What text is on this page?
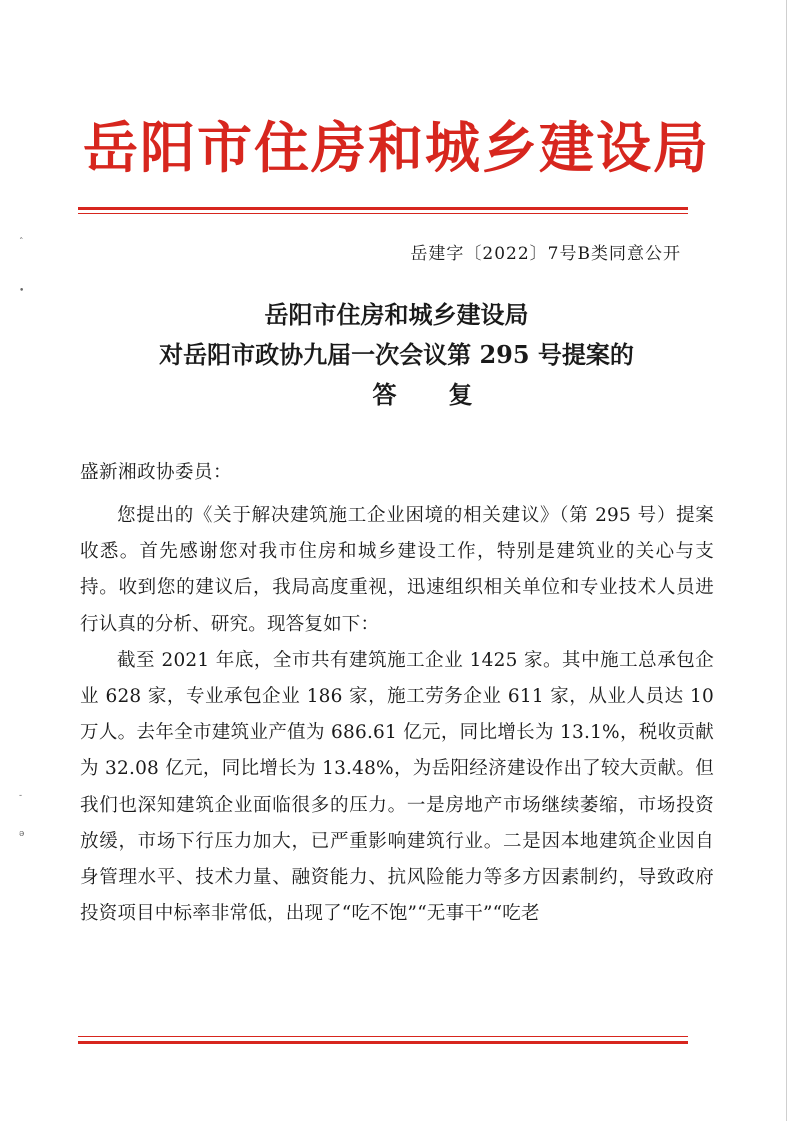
岳阳市住房和城乡建设局
岳建字〔2022〕7号B类同意公开
岳阳市住房和城乡建设局
对岳阳市政协九届一次会议第 295 号提案的
答复
盛新湘政协委员：

您提出的《关于解决建筑施工企业困境的相关建议》（第 295 号）提案收悉。首先感谢您对我市住房和城乡建设工作，特别是建筑业的关心与支持。收到您的建议后，我局高度重视，迅速组织相关单位和专业技术人员进行认真的分析、研究。现答复如下：

截至 2021 年底，全市共有建筑施工企业 1425 家。其中施工总承包企业 628 家，专业承包企业 186 家，施工劳务企业 611 家，从业人员达 10 万人。去年全市建筑业产值为 686.61 亿元，同比增长为 13.1%，税收贡献为 32.08 亿元，同比增长为 13.48%，为岳阳经济建设作出了较大贡献。但我们也深知建筑企业面临很多的压力。一是房地产市场继续萎缩，市场投资放缓，市场下行压力加大，已严重影响建筑行业。二是因本地建筑企业因自身管理水平、技术力量、融资能力、抗风险能力等多方因素制约，导致政府投资项目中标率非常低，出现了“吃不饱”“无事干”“吃老

ˆ
•
-
ə
